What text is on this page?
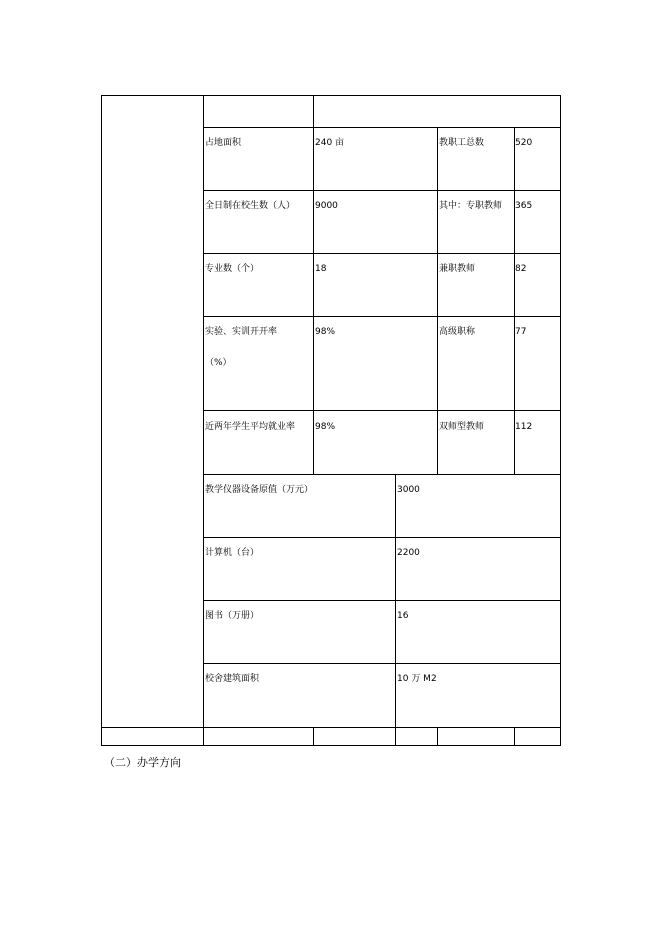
占地面积	240 亩	教职工总数	520
全日制在校生数（人） 9000	其中：专职教师 365
专业数（个）	18	兼职教师	82
实验、实训开开率
（%）
98%	高级职称	77
近两年学生平均就业率 98%	双师型教师	112
教学仪器设备原值（万元）	3000
计算机（台）	2200
图书（万册）	16
校舍建筑面积	10 万 M2
（二）办学方向
